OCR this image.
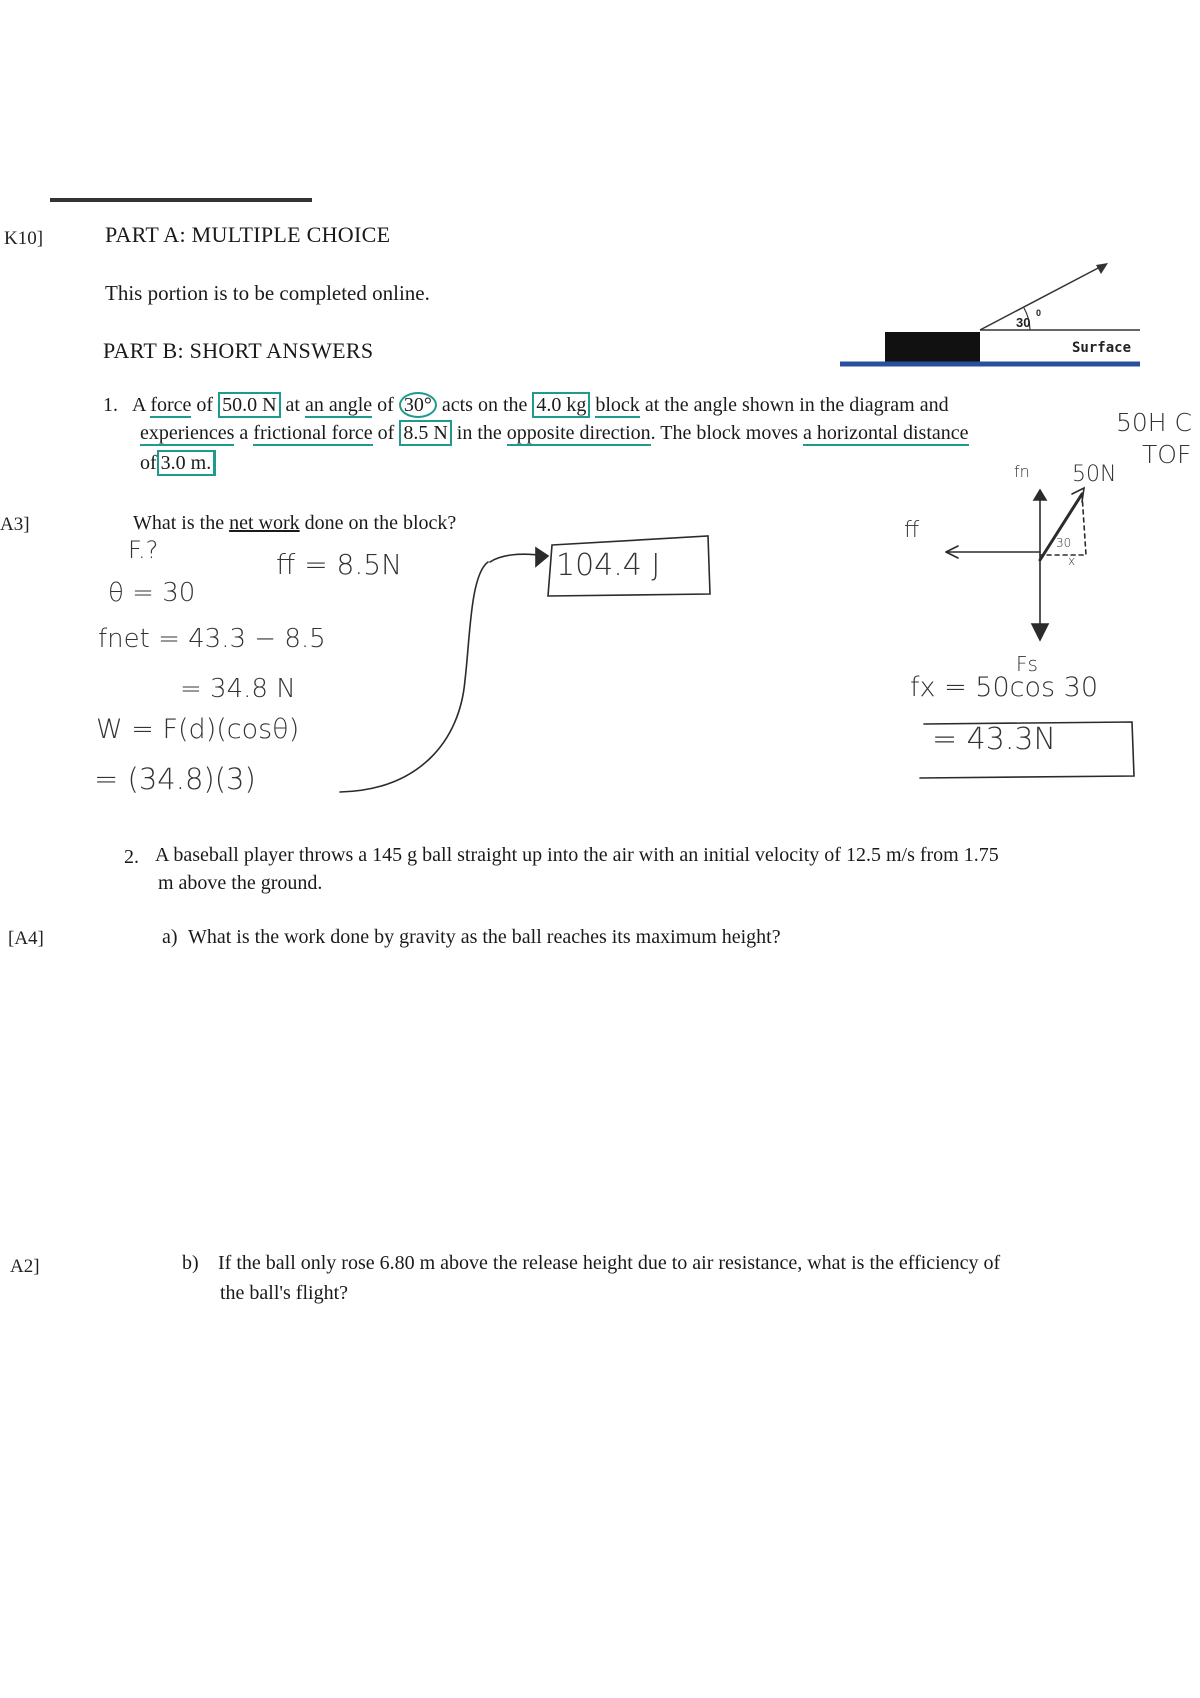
K10]
A3]
[A4]
A2]
PART A: MULTIPLE CHOICE
This portion is to be completed online.
PART B: SHORT ANSWERS
30
0
Surface
1. A force of 50.0 N at an angle of 30° acts on the 4.0 kg block at the angle shown in the diagram and
experiences a frictional force of 8.5 N in the opposite direction. The block moves a horizontal distance
of 3.0 m.
What is the net work done on the block?
F.?	ff = 8.5N
θ = 30
fnet = 43.3 − 8.5
= 34.8 N
W = F(d)(cosθ)
= (34.8)(3)
104.4 J
50H C
TOF
ff
fn 50N
30
x
Fs
fx = 50cos 30
= 43.3N
2. A baseball player throws a 145 g ball straight up into the air with an initial velocity of 12.5 m/s from 1.75
m above the ground.
a) What is the work done by gravity as the ball reaches its maximum height?
b) If the ball only rose 6.80 m above the release height due to air resistance, what is the efficiency of
the ball's flight?
